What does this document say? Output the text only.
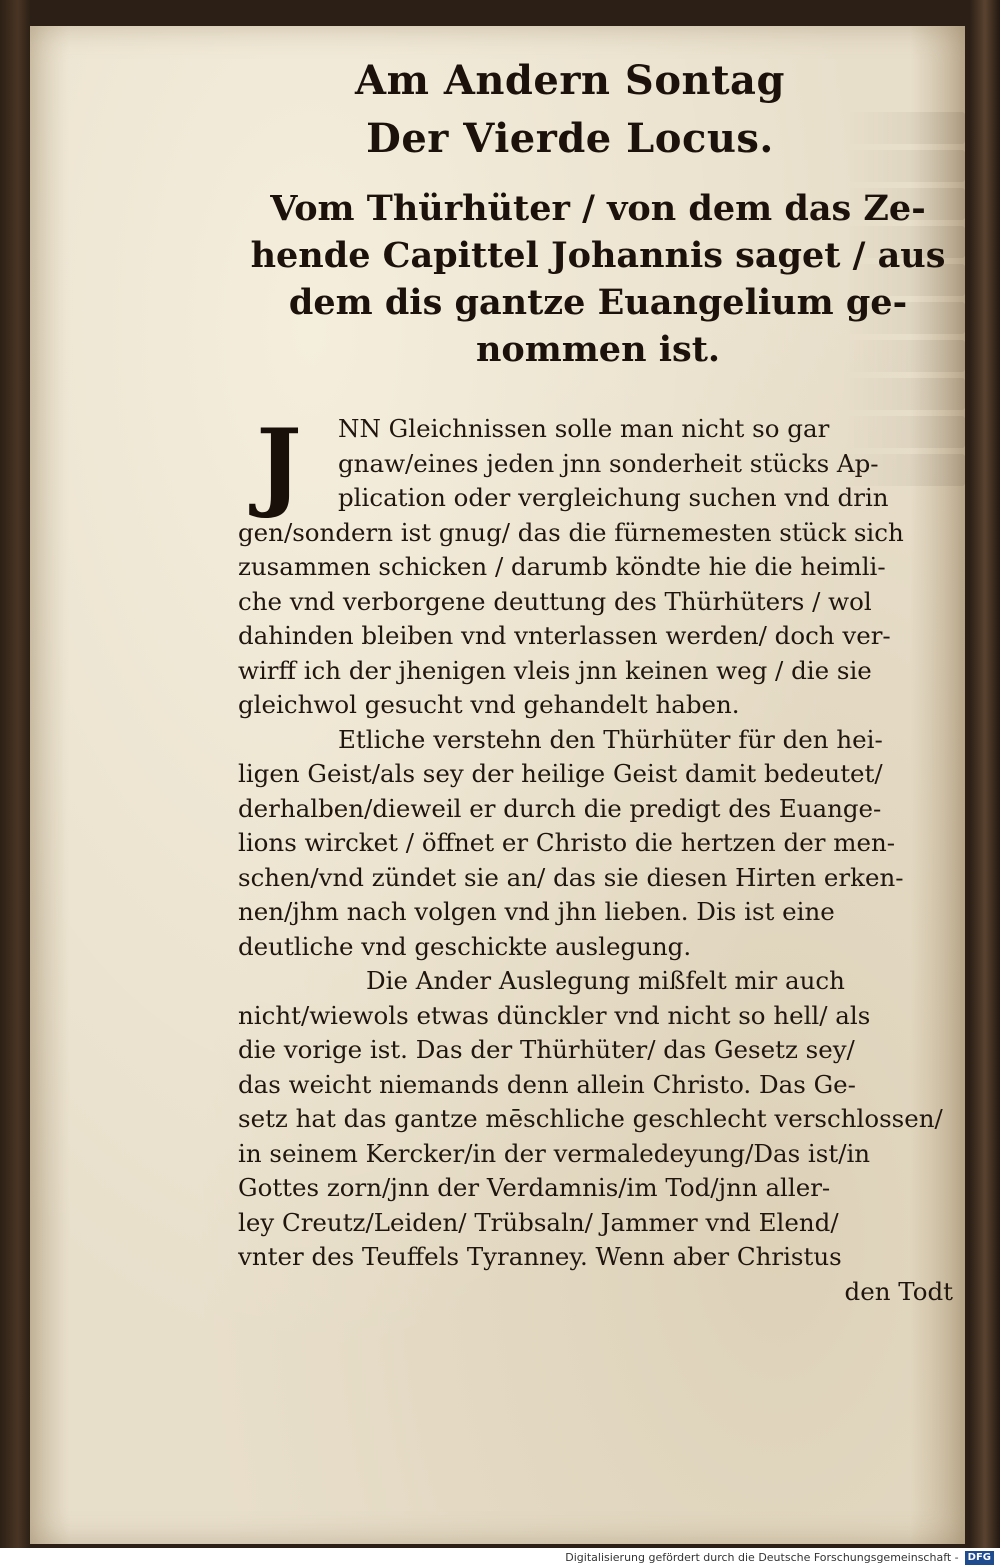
Am Andern Sontag
Der Vierde Locus.
Vom Thürhüter / von dem das Ze-
hende Capittel Johannis saget / aus
dem dis gantze Euangelium ge-
nommen ist.
J	NN Gleichnissen solle man nicht so gar
gnaw/eines jeden jnn sonderheit stücks Ap-
plication oder vergleichung suchen vnd drin
gen/sondern ist gnug/ das die fürnemesten stück sich
zusammen schicken / darumb köndte hie die heimli-
che vnd verborgene deuttung des Thürhüters / wol
dahinden bleiben vnd vnterlassen werden/ doch ver-
wirff ich der jhenigen vleis jnn keinen weg / die sie
gleichwol gesucht vnd gehandelt haben.
Etliche verstehn den Thürhüter für den hei-
ligen Geist/als sey der heilige Geist damit bedeutet/
derhalben/dieweil er durch die predigt des Euange-
lions wircket / öffnet er Christo die hertzen der men-
schen/vnd zündet sie an/ das sie diesen Hirten erken-
nen/jhm nach volgen vnd jhn lieben. Dis ist eine
deutliche vnd geschickte auslegung.
Die Ander Auslegung mißfelt mir auch
nicht/wiewols etwas dünckler vnd nicht so hell/ als
die vorige ist. Das der Thürhüter/ das Gesetz sey/
das weicht niemands denn allein Christo. Das Ge-
setz hat das gantze mēschliche geschlecht verschlossen/
in seinem Kercker/in der vermaledeyung/Das ist/in
Gottes zorn/jnn der Verdamnis/im Tod/jnn aller-
ley Creutz/Leiden/ Trübsaln/ Jammer vnd Elend/
vnter des Teuffels Tyranney. Wenn aber Christus
den Todt
Digitalisierung gefördert durch die Deutsche Forschungsgemeinschaft - DFG
